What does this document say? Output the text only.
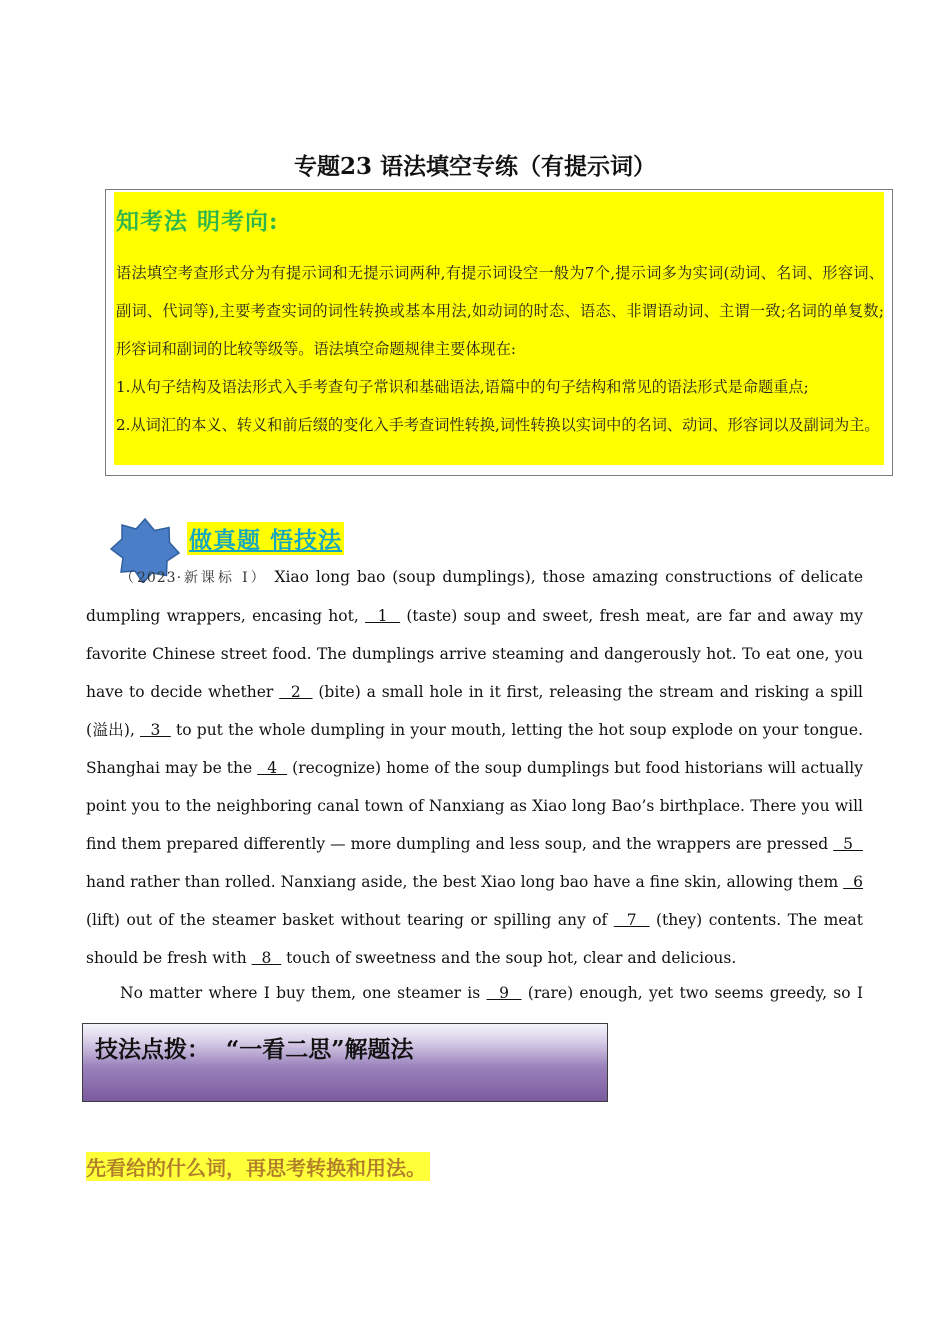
专题23 语法填空专练（有提示词）
知考法 明考向:

语法填空考查形式分为有提示词和无提示词两种,有提示词设空一般为7个,提示词多为实词(动词、名词、形容词、副词、代词等),主要考查实词的词性转换或基本用法,如动词的时态、语态、非谓语动词、主谓一致;名词的单复数;形容词和副词的比较等级等。语法填空命题规律主要体现在:

1.从句子结构及语法形式入手考查句子常识和基础语法,语篇中的句子结构和常见的语法形式是命题重点;

2.从词汇的本义、转义和前后缀的变化入手考查词性转换,词性转换以实词中的名词、动词、形容词以及副词为主。

做真题 悟技法

（2023·新课标 I） Xiao long bao (soup dumplings), those amazing constructions of delicate dumpling wrappers, encasing hot,   1   (taste) soup and sweet, fresh meat, are far and away my favorite Chinese street food. The dumplings arrive steaming and dangerously hot. To eat one, you have to decide whether   2   (bite) a small hole in it first, releasing the stream and risking a spill (溢出),   3   to put the whole dumpling in your mouth, letting the hot soup explode on your tongue. Shanghai may be the   4   (recognize) home of the soup dumplings but food historians will actually point you to the neighboring canal town of Nanxiang as Xiao long Bao’s birthplace. There you will find them prepared differently — more dumpling and less soup, and the wrappers are pressed   5   hand rather than rolled. Nanxiang aside, the best Xiao long bao have a fine skin, allowing them   6 (lift) out of the steamer basket without tearing or spilling any of   7   (they) contents. The meat should be fresh with   8   touch of sweetness and the soup hot, clear and delicious.

No matter where I buy them, one steamer is   9   (rare) enough, yet two seems greedy, so I

技法点拨：  “一看二思”解题法
先看给的什么词，再思考转换和用法。
